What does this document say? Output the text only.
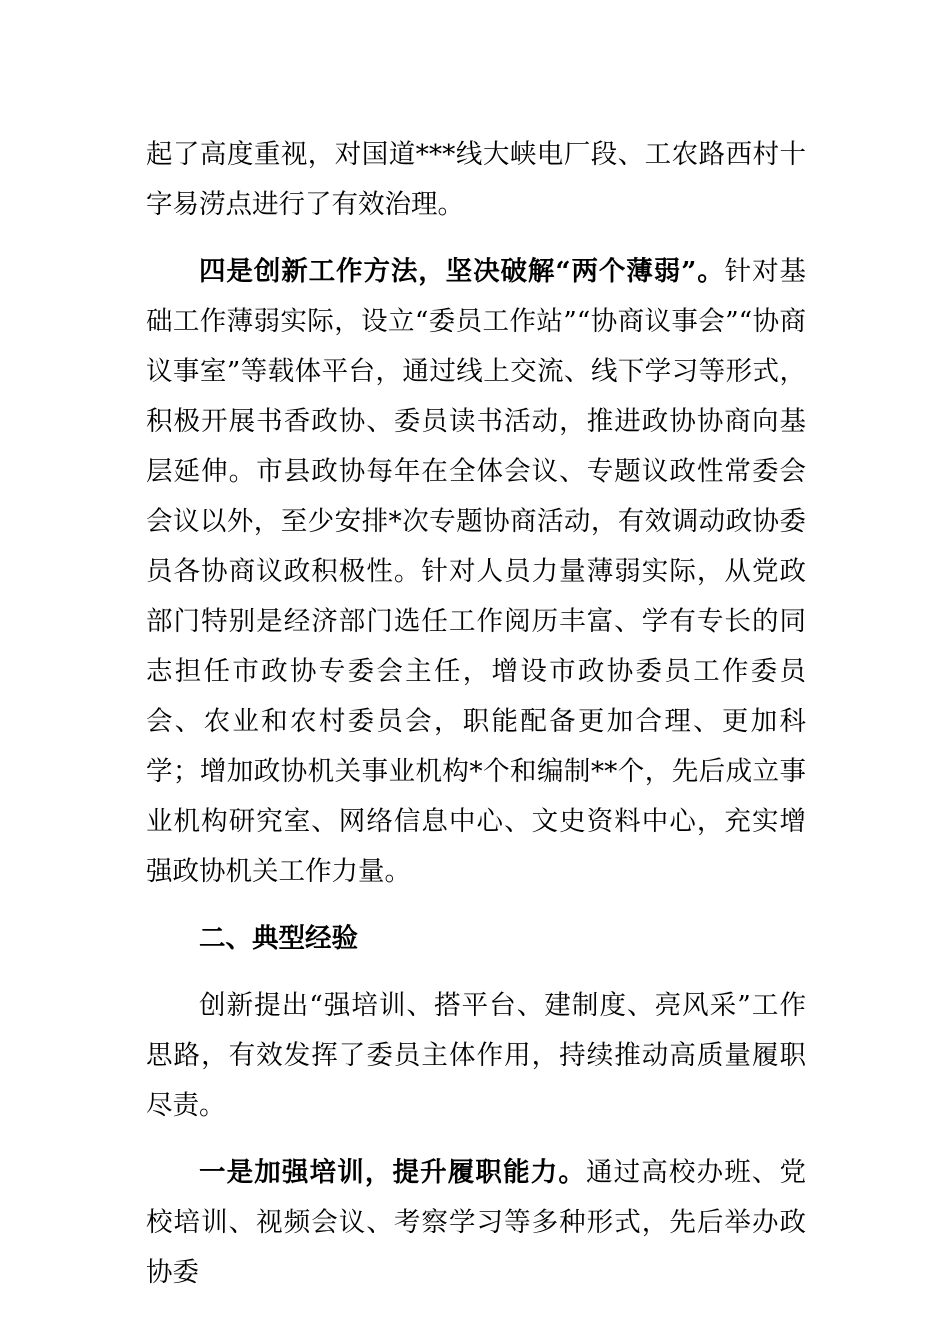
起了高度重视，对国道***线大峡电厂段、工农路西村十字易涝点进行了有效治理。

四是创新工作方法，坚决破解“两个薄弱”。针对基础工作薄弱实际，设立“委员工作站”“协商议事会”“协商议事室”等载体平台，通过线上交流、线下学习等形式，积极开展书香政协、委员读书活动，推进政协协商向基层延伸。市县政协每年在全体会议、专题议政性常委会会议以外，至少安排*次专题协商活动，有效调动政协委员各协商议政积极性。针对人员力量薄弱实际，从党政部门特别是经济部门选任工作阅历丰富、学有专长的同志担任市政协专委会主任，增设市政协委员工作委员会、农业和农村委员会，职能配备更加合理、更加科学；增加政协机关事业机构*个和编制**个，先后成立事业机构研究室、网络信息中心、文史资料中心，充实增强政协机关工作力量。

二、典型经验

创新提出“强培训、搭平台、建制度、亮风采”工作思路，有效发挥了委员主体作用，持续推动高质量履职尽责。

一是加强培训，提升履职能力。通过高校办班、党校培训、视频会议、考察学习等多种形式，先后举办政协委
